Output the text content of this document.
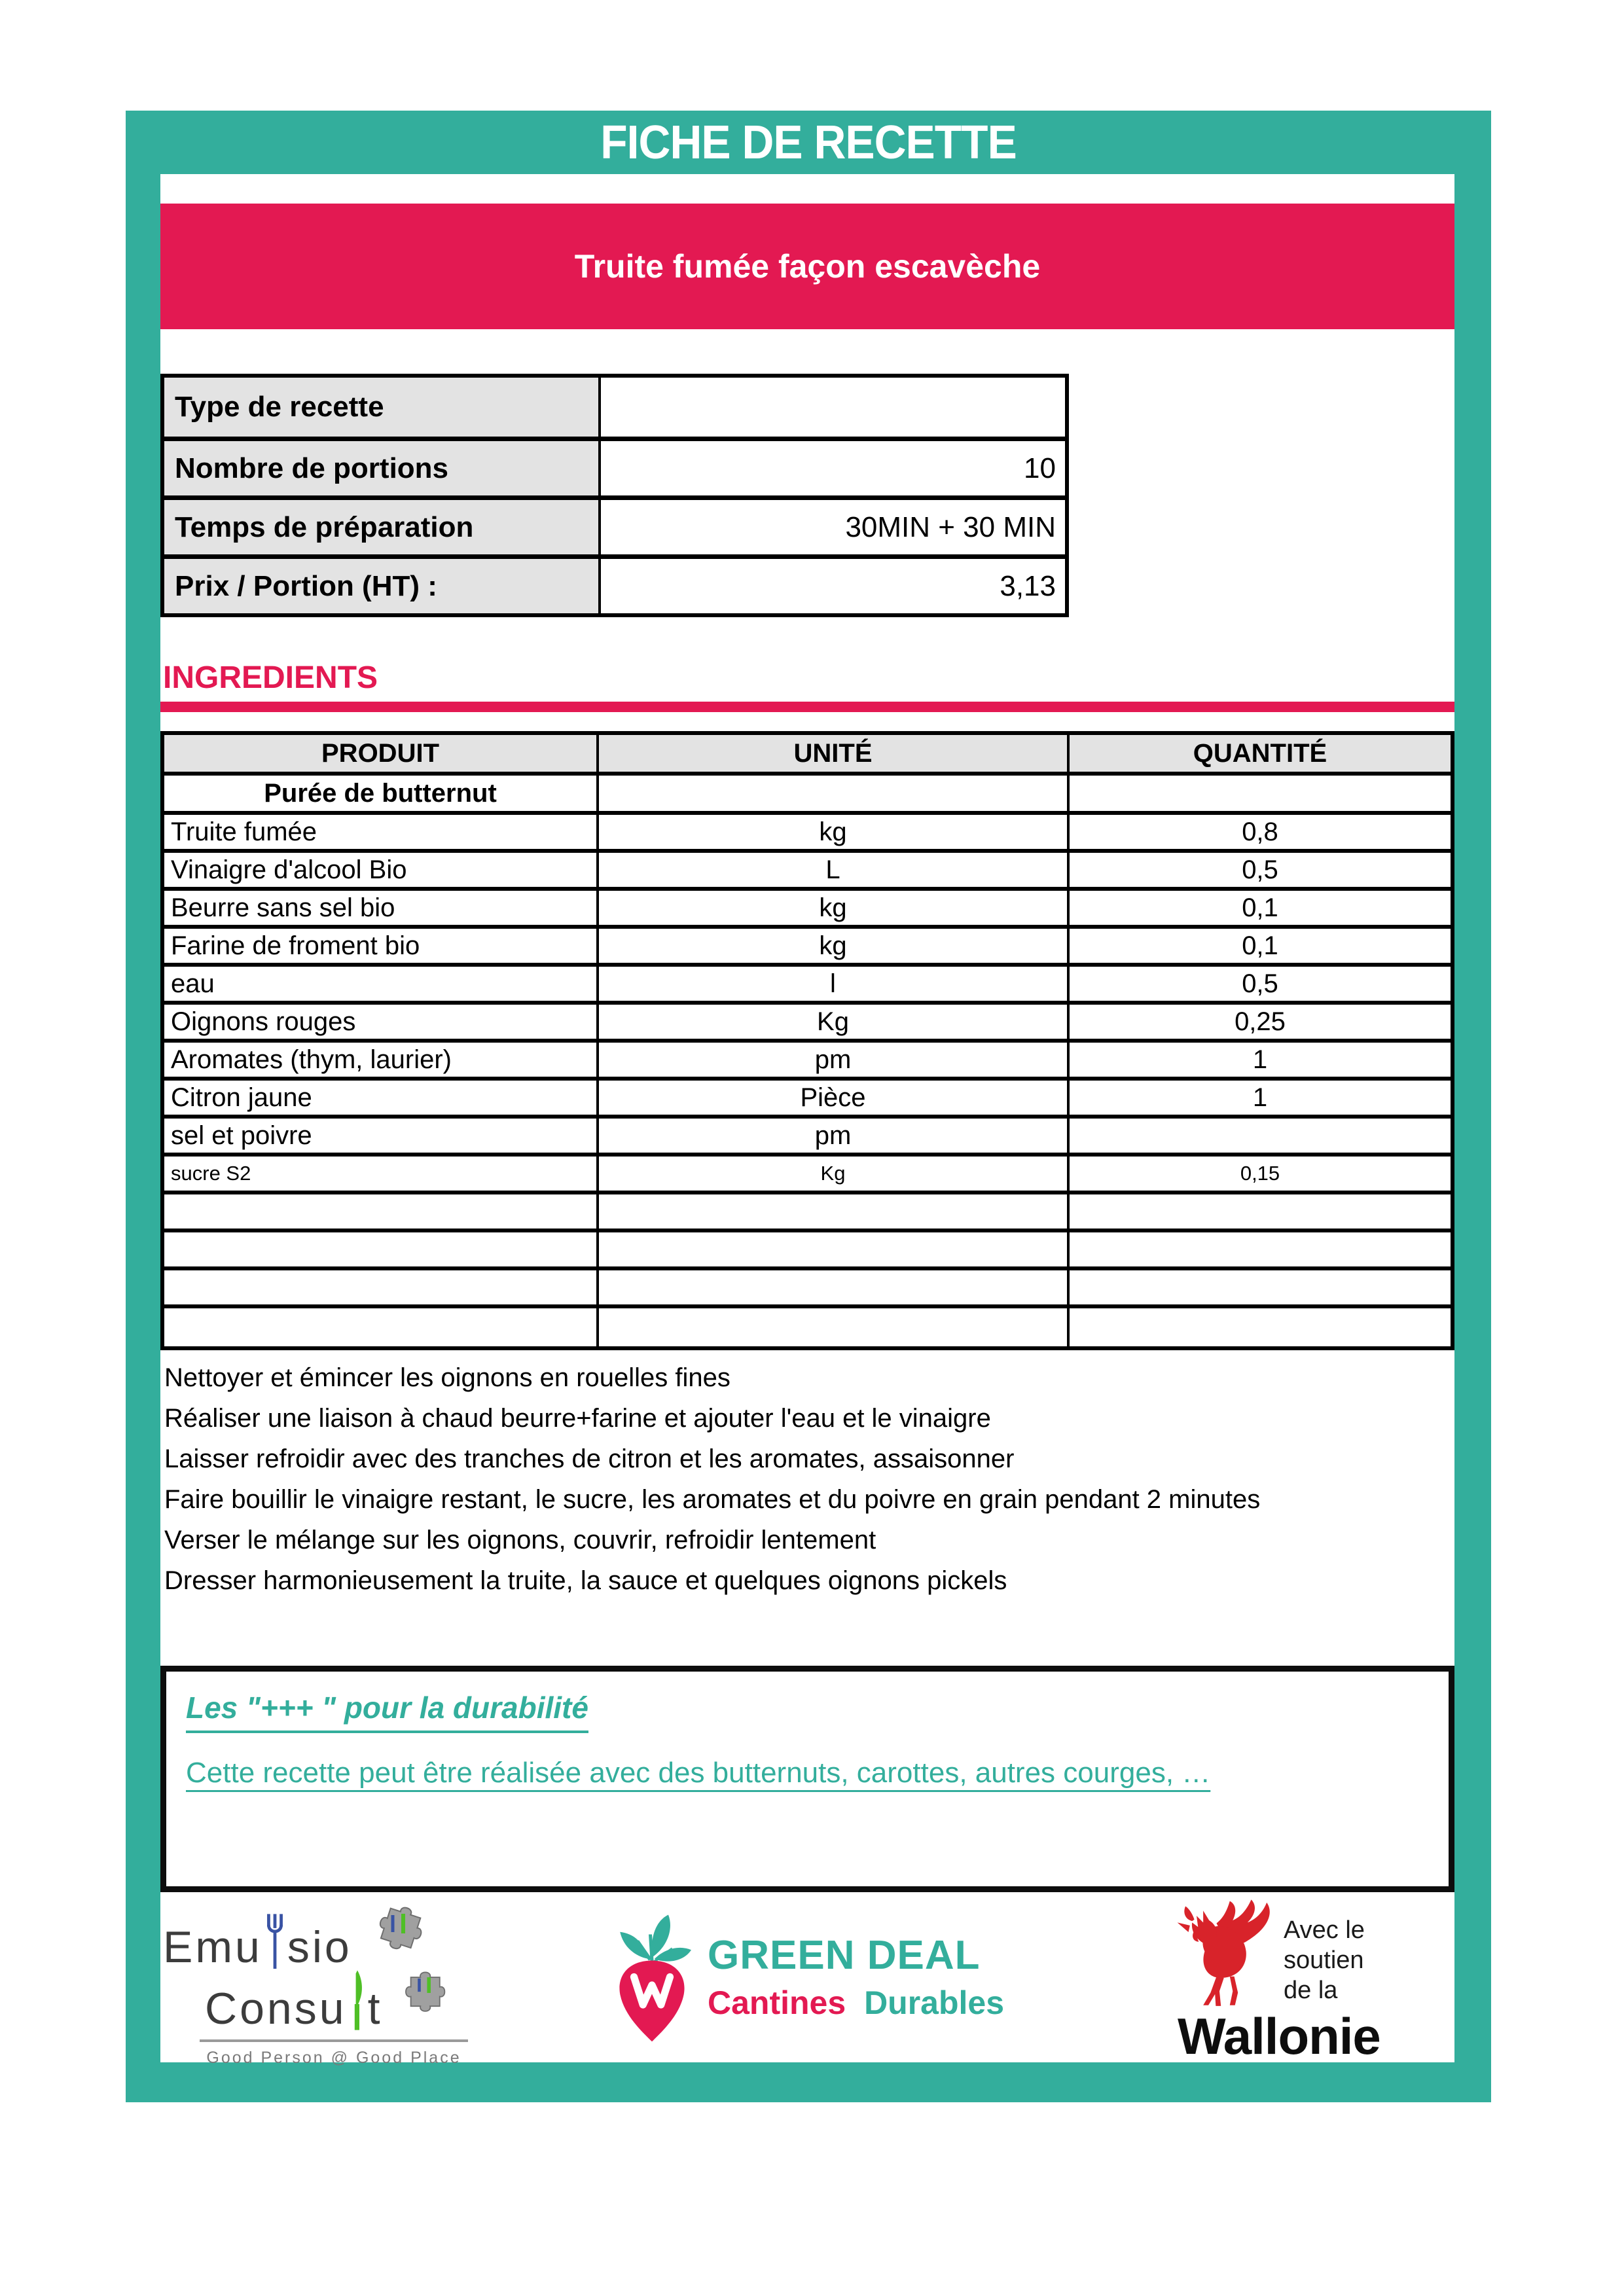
FICHE DE RECETTE
Truite fumée façon escavèche
Type de recette
Nombre de portions	10
Temps de préparation	30MIN + 30 MIN
Prix / Portion (HT) :	3,13
INGREDIENTS
PRODUIT	UNITÉ	QUANTITÉ
Purée de butternut
Truite fumée	kg	0,8
Vinaigre d'alcool Bio	L	0,5
Beurre sans sel bio	kg	0,1
Farine de froment bio	kg	0,1
eau	l	0,5
Oignons rouges	Kg	0,25
Aromates (thym, laurier)	pm	1
Citron jaune	Pièce	1
sel et poivre	pm
sucre S2	Kg	0,15
Nettoyer et émincer les oignons en rouelles fines
Réaliser une liaison à chaud beurre+farine et ajouter l'eau et le vinaigre
Laisser refroidir avec des tranches de citron et les aromates, assaisonner
Faire bouillir le vinaigre restant, le sucre, les aromates et du poivre en grain pendant 2 minutes
Verser le mélange sur les oignons, couvrir, refroidir lentement
Dresser harmonieusement la truite, la sauce et quelques oignons pickels
Les "+++ " pour la durabilité
Cette recette peut être réalisée avec des butternuts, carottes, autres courges, …
Emu sio
Consu t
Good Person @ Good Place
GREEN DEAL
Cantines Durables
Avec le
soutien
de la
Wallonie
